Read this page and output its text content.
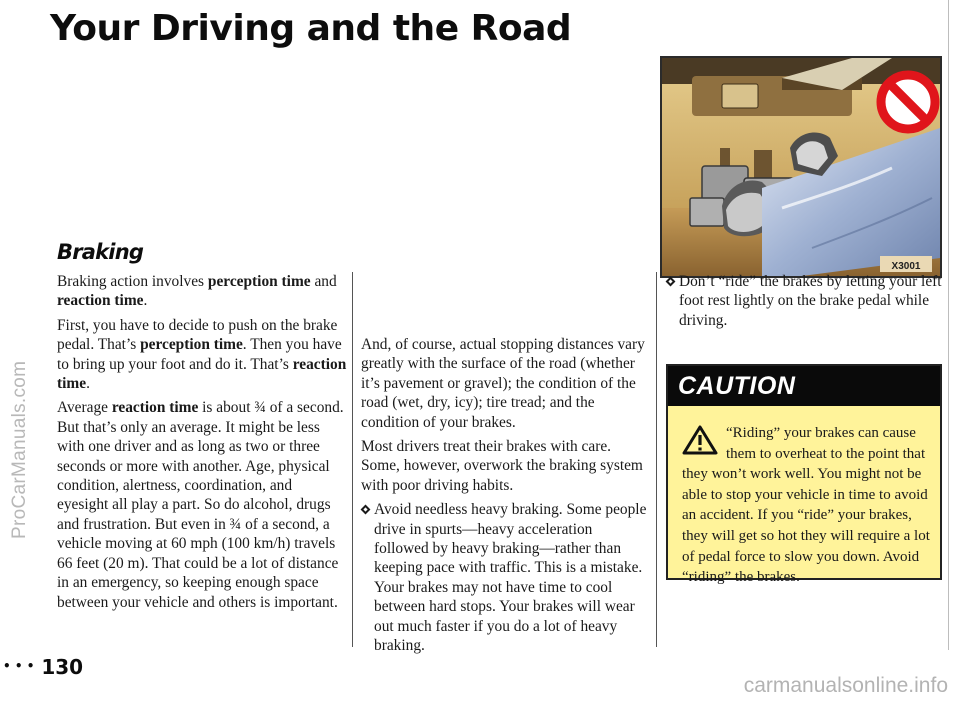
ProCarManuals.com
Your Driving and the Road
X3001
Braking

Braking action involves perception time and reaction time.

First, you have to decide to push on the brake pedal. That’s perception time. Then you have to bring up your foot and do it. That’s reaction time.

Average reaction time is about ¾ of a second. But that’s only an average. It might be less with one driver and as long as two or three seconds or more with another. Age, physical condition, alertness, coordination, and eyesight all play a part. So do alcohol, drugs and frustration. But even in ¾ of a second, a vehicle moving at 60 mph (100 km/h) travels 66 feet (20 m). That could be a lot of distance in an emergency, so keeping enough space between your vehicle and others is important.

And, of course, actual stopping distances vary greatly with the surface of the road (whether it’s pavement or gravel); the condition of the road (wet, dry, icy); tire tread; and the condition of your brakes.

Most drivers treat their brakes with care. Some, however, overwork the braking system with poor driving habits.

Avoid needless heavy braking. Some people drive in spurts—heavy acceleration followed by heavy braking—rather than keeping pace with traffic. This is a mistake. Your brakes may not have time to cool between hard stops. Your brakes will wear out much faster if you do a lot of heavy braking.

Don’t “ride” the brakes by letting your left foot rest lightly on the brake pedal while driving.

CAUTION
“Riding” your brakes can cause them to overheat to the point that they won’t work well. You might not be able to stop your vehicle in time to avoid an accident. If you “ride” your brakes, they will get so hot they will require a lot of pedal force to slow you down. Avoid “riding” the brakes.
• • • 130
carmanualsonline.info
